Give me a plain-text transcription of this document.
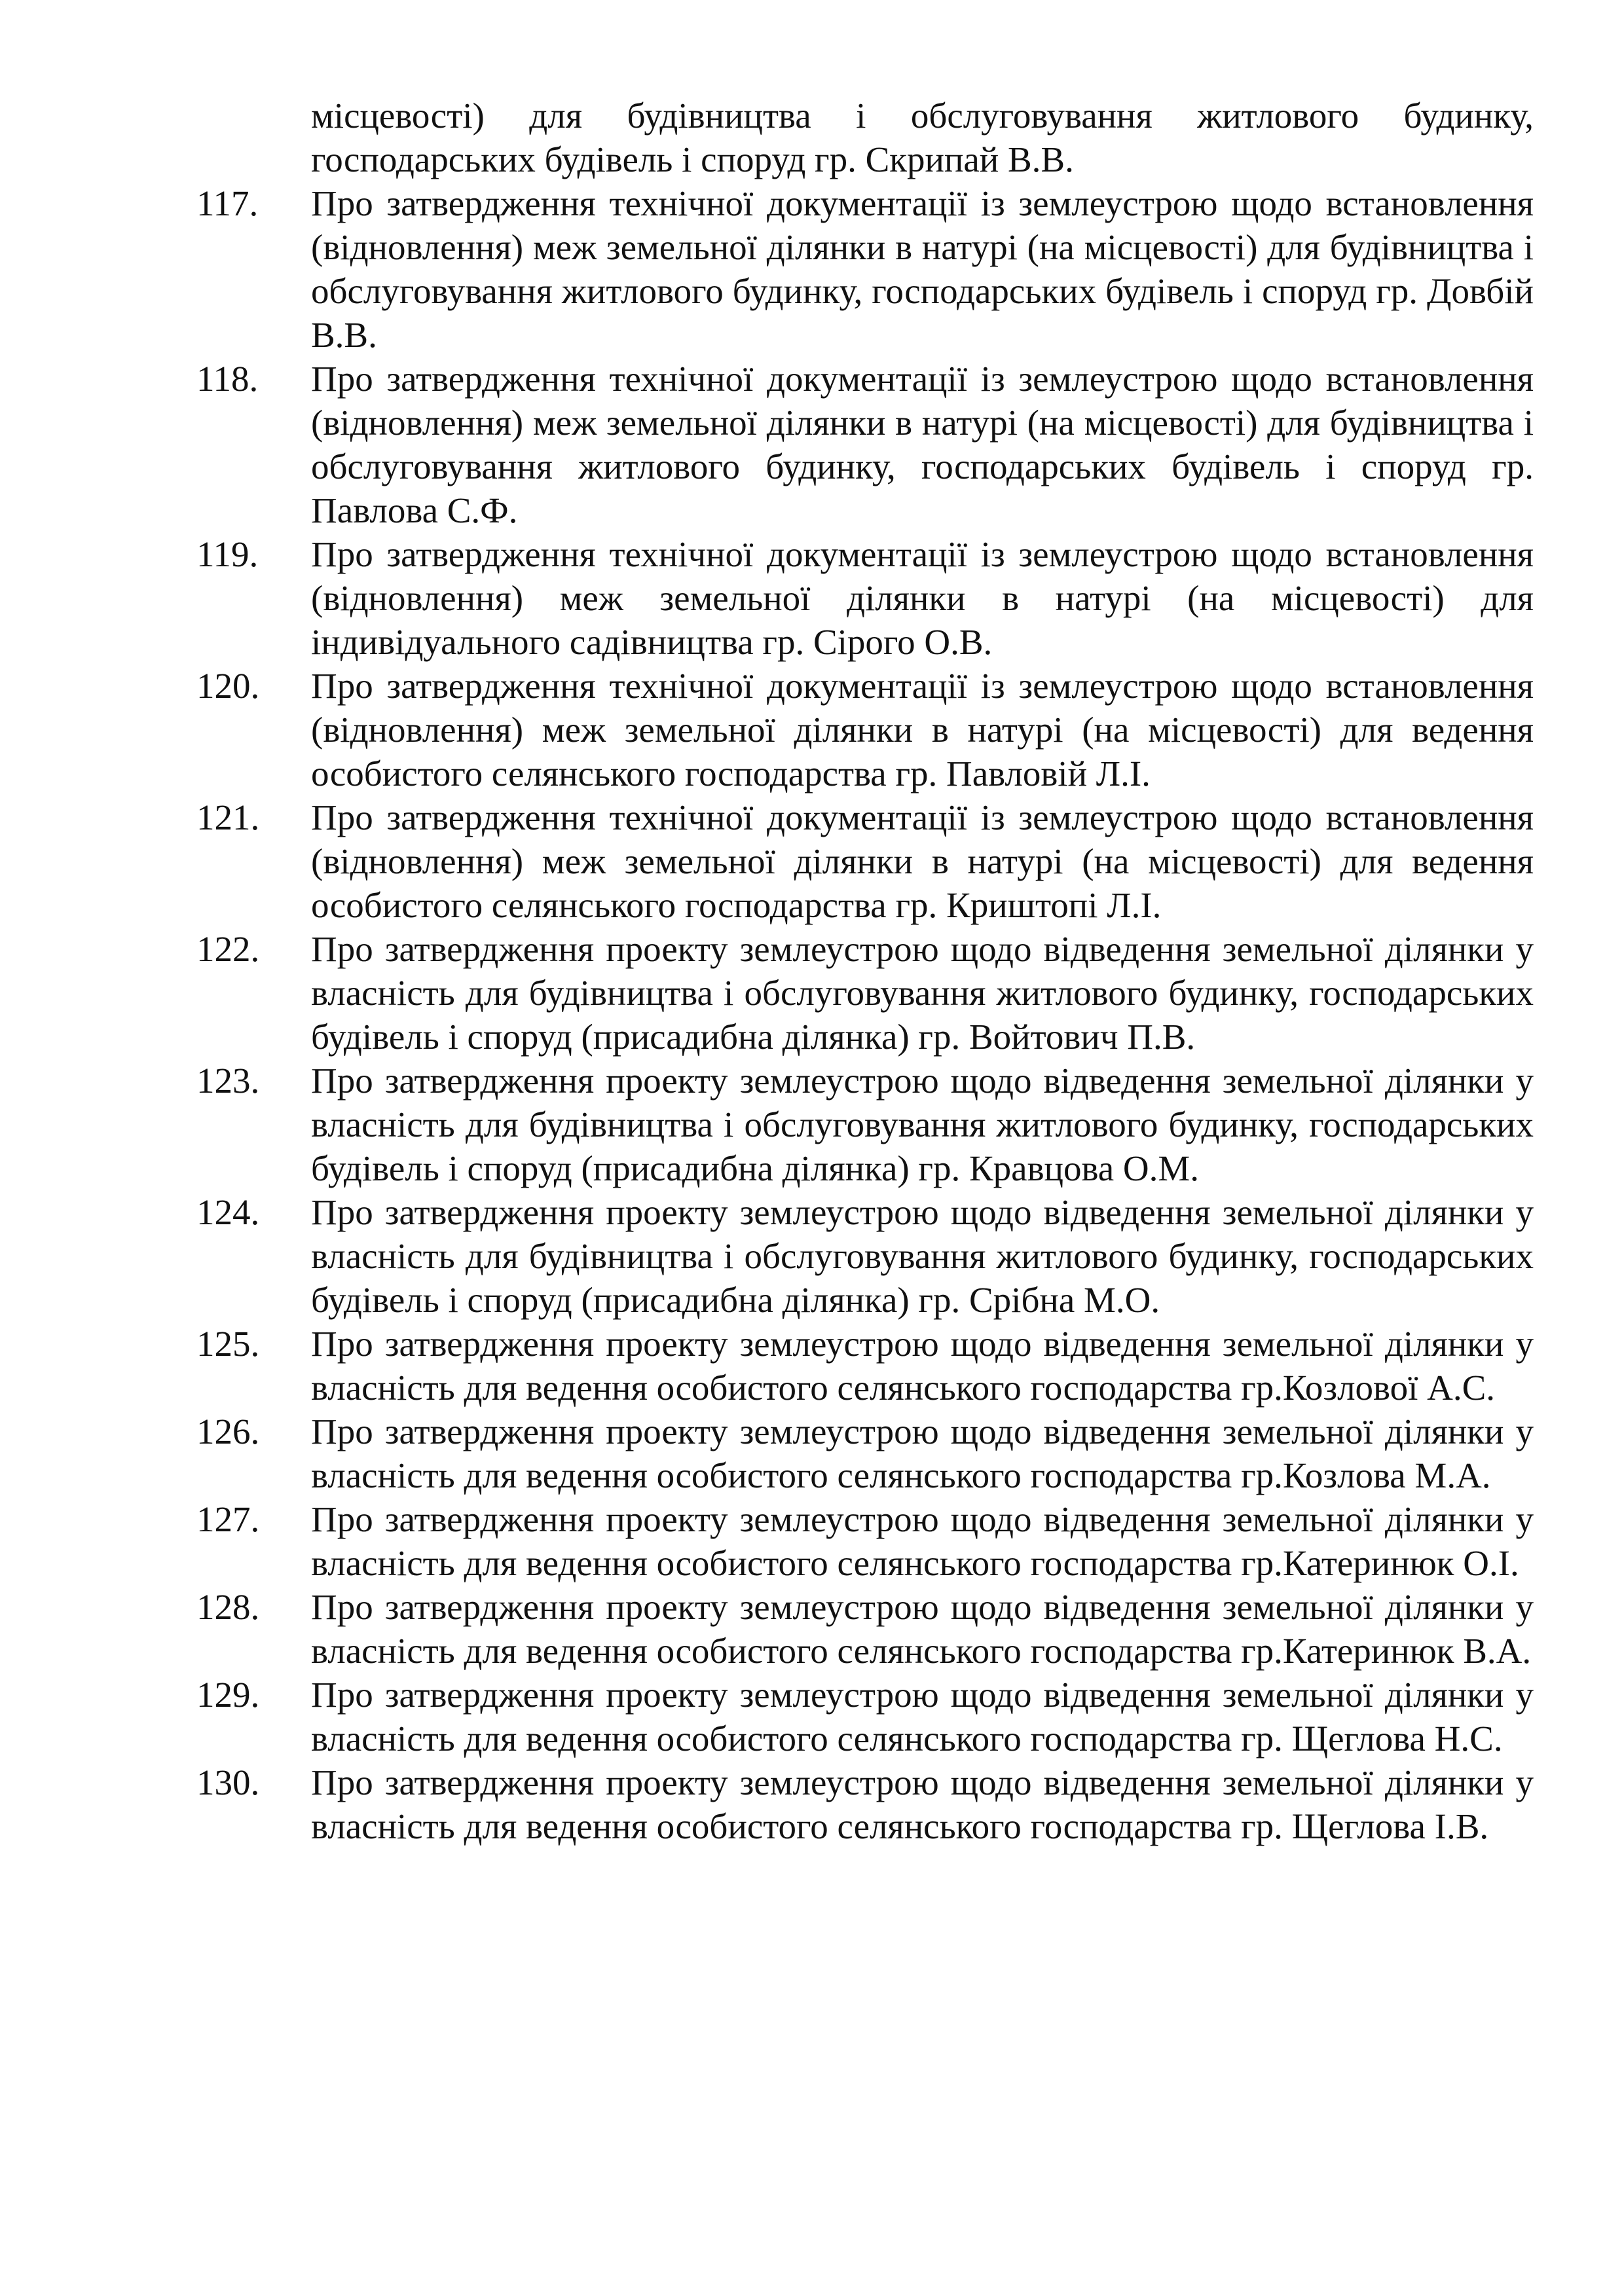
місцевості) для будівництва і обслуговування житлового будинку, господарських будівель і споруд гр. Скрипай В.В.
117.	Про затвердження технічної документації із землеустрою щодо встановлення (відновлення) меж земельної ділянки в натурі (на місцевості) для будівництва і обслуговування житлового будинку, господарських будівель і споруд гр. Довбій В.В.
118.	Про затвердження технічної документації із землеустрою щодо встановлення (відновлення) меж земельної ділянки в натурі (на місцевості) для будівництва і обслуговування житлового будинку, господарських будівель і споруд гр. Павлова С.Ф.
119.	Про затвердження технічної документації із землеустрою щодо встановлення (відновлення) меж земельної ділянки в натурі (на місцевості) для індивідуального садівництва гр. Сірого О.В.
120.	Про затвердження технічної документації із землеустрою щодо встановлення (відновлення) меж земельної ділянки в натурі (на місцевості) для ведення особистого селянського господарства гр. Павловій Л.І.
121.	Про затвердження технічної документації із землеустрою щодо встановлення (відновлення) меж земельної ділянки в натурі (на місцевості) для ведення особистого селянського господарства гр. Криштопі Л.І.
122.	Про затвердження проекту землеустрою щодо відведення земельної ділянки у власність для будівництва і обслуговування житлового будинку, господарських будівель і споруд (присадибна ділянка) гр. Войтович П.В.
123.	Про затвердження проекту землеустрою щодо відведення земельної ділянки у власність для будівництва і обслуговування житлового будинку, господарських будівель і споруд (присадибна ділянка) гр. Кравцова О.М.
124.	Про затвердження проекту землеустрою щодо відведення земельної ділянки у власність для будівництва і обслуговування житлового будинку, господарських будівель і споруд (присадибна ділянка) гр. Срібна М.О.
125.	Про затвердження проекту землеустрою щодо відведення земельної ділянки у власність для ведення особистого селянського господарства гр.Козлової А.С.
126.	Про затвердження проекту землеустрою щодо відведення земельної ділянки у власність для ведення особистого селянського господарства гр.Козлова М.А.
127.	Про затвердження проекту землеустрою щодо відведення земельної ділянки у власність для ведення особистого селянського господарства гр.Катеринюк О.І.
128.	Про затвердження проекту землеустрою щодо відведення земельної ділянки у власність для ведення особистого селянського господарства гр.Катеринюк В.А.
129.	Про затвердження проекту землеустрою щодо відведення земельної ділянки у власність для ведення особистого селянського господарства гр. Щеглова Н.С.
130.	Про затвердження проекту землеустрою щодо відведення земельної ділянки у власність для ведення особистого селянського господарства гр. Щеглова І.В.
